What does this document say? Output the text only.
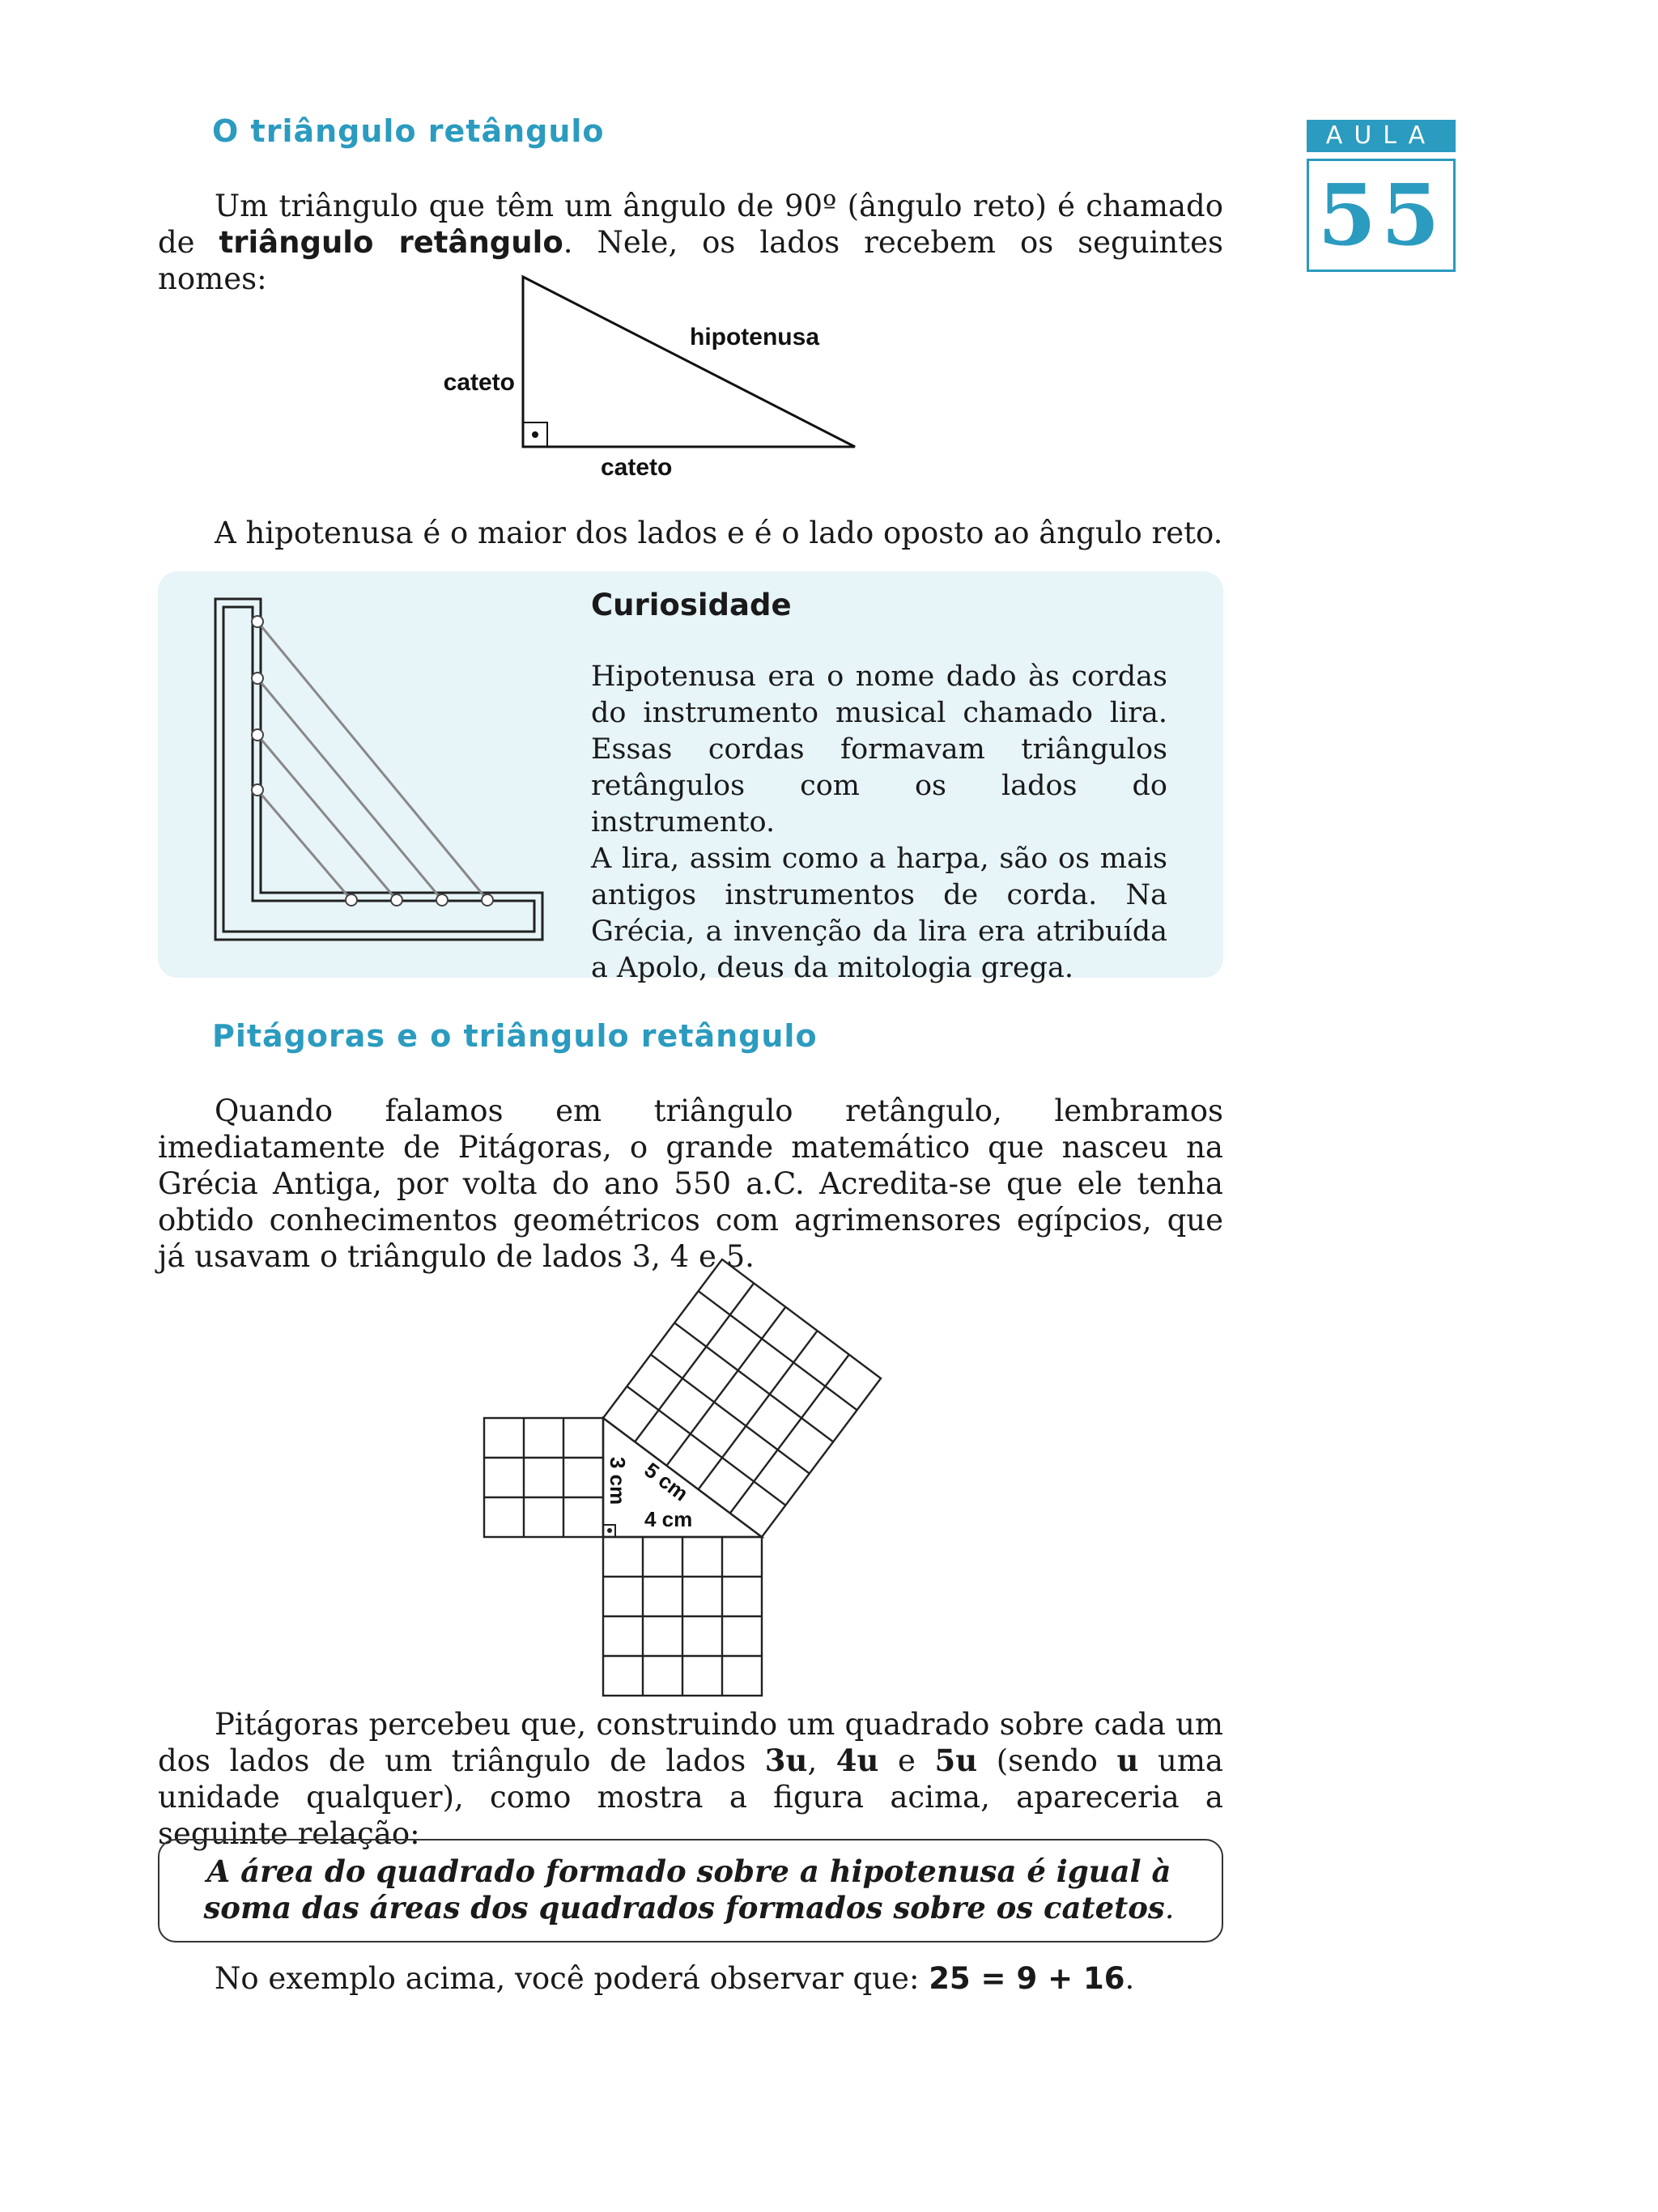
AULA
55
O triângulo retângulo

Um triângulo que têm um ângulo de 90º (ângulo reto) é chamado de triângulo retângulo. Nele, os lados recebem os seguintes nomes:

hipotenusa
cateto
cateto

A hipotenusa é o maior dos lados e é o lado oposto ao ângulo reto.

Curiosidade

Hipotenusa era o nome dado às cordas do instrumento musical chamado lira. Essas cordas formavam triângulos retângulos com os lados do instrumento.

A lira, assim como a harpa, são os mais antigos instrumentos de corda. Na Grécia, a invenção da lira era atribuída a Apolo, deus da mitologia grega.

Pitágoras e o triângulo retângulo

Quando falamos em triângulo retângulo, lembramos imediatamente de Pitágoras, o grande matemático que nasceu na Grécia Antiga, por volta do ano 550 a.C. Acredita-se que ele tenha obtido conhecimentos geométricos com agrimensores egípcios, que já usavam o triângulo de lados 3, 4 e 5.

3 cm 5 cm
4 cm

Pitágoras percebeu que, construindo um quadrado sobre cada um dos lados de um triângulo de lados 3u, 4u e 5u (sendo u uma unidade qualquer), como mostra a figura acima, apareceria a seguinte relação:

A área do quadrado formado sobre a hipotenusa é igual à
soma das áreas dos quadrados formados sobre os catetos.

No exemplo acima, você poderá observar que: 25 = 9 + 16.
